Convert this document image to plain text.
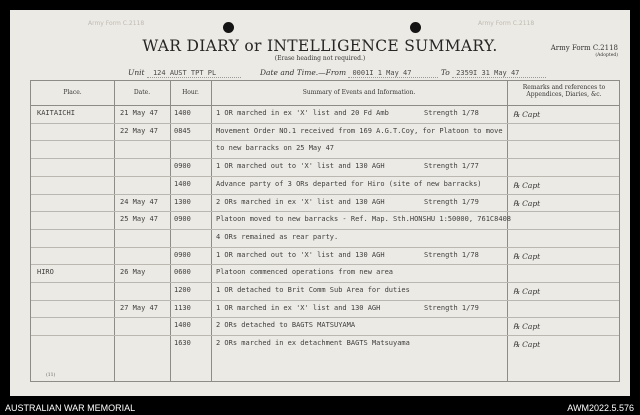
Army Form C.2118	Army Form C.2118
WAR DIARY or INTELLIGENCE SUMMARY.
(Erase heading not required.)
Army Form C.2118
(Adopted)
Unit 124 AUST TPT PL	Date and Time.—From 0001I 1 May 47	To 2359I 31 May 47
Place.	Date.	Hour.	Summary of Events and Information.
Remarks and references to Appendices, Diaries, &c.
KAITAICHI	21 May 47 1400	1 OR marched in ex 'X' list and 20 Fd Amb	Strength 1/78	℞ Capt
22 May 47 0845	Movement Order NO.1 received from 169 A.G.T.Coy, for Platoon to move
to new barracks on 25 May 47
0900	1 OR marched out to 'X' list and 130 AGH	Strength 1/77
1400	Advance party of 3 ORs departed for Hiro (site of new barracks)	℞ Capt
24 May 47 1300	2 ORs marched in ex 'X' list and 130 AGH	Strength 1/79	℞ Capt
25 May 47 0900	Platoon moved to new barracks - Ref. Map. Sth.HONSHU 1:50000, 761C8408
4 ORs remained as rear party.
0900	1 OR marched out to 'X' list and 130 AGH	Strength 1/78	℞ Capt
HIRO	26 May	0600	Platoon commenced operations from new area
1200	1 OR detached to Brit Comm Sub Area for duties	℞ Capt
27 May 47 1130	1 OR marched in ex 'X' list and 130 AGH	Strength 1/79
1400	2 ORs detached to BAGTS MATSUYAMA	℞ Capt
1630	2 ORs marched in ex detachment BAGTS Matsuyama	℞ Capt
(11)
AUSTRALIAN WAR MEMORIAL	AWM2022.5.576
